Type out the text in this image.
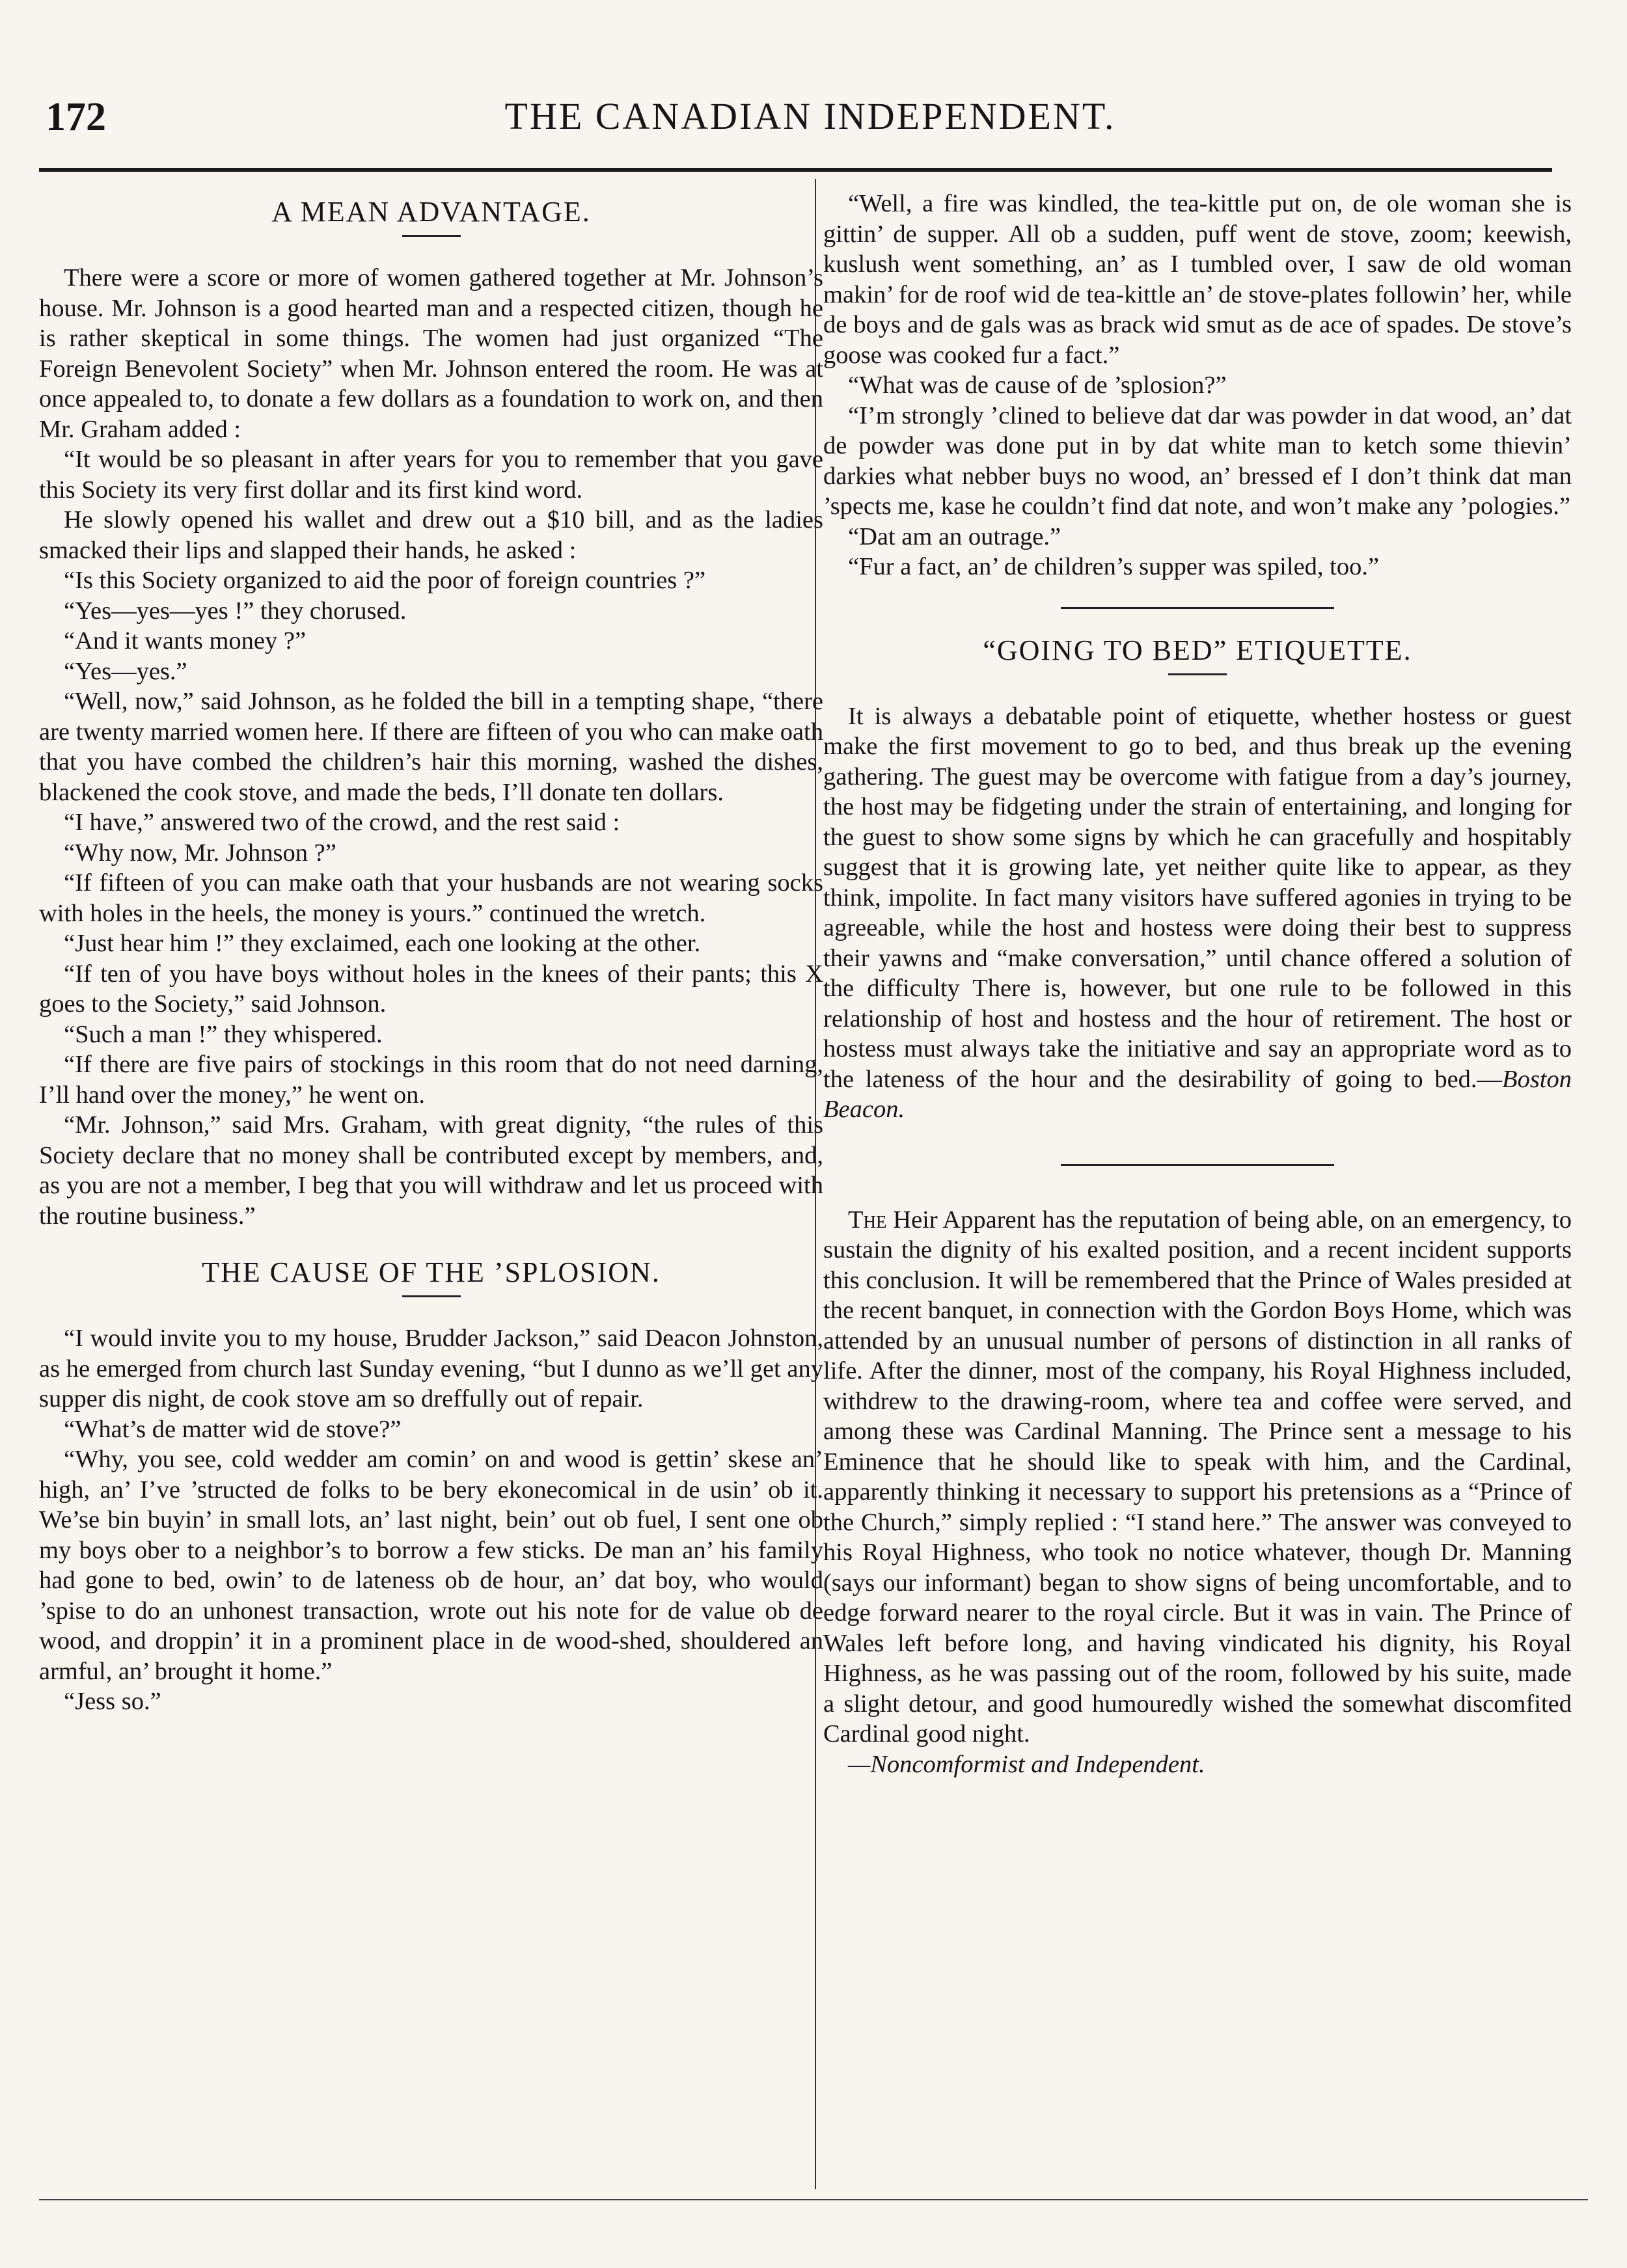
172	THE CANADIAN INDEPENDENT.
A MEAN ADVANTAGE.

There were a score or more of women gathered together at Mr. Johnson’s house. Mr. Johnson is a good hearted man and a respected citizen, though he is rather skeptical in some things. The women had just organized “The Foreign Benevolent Society” when Mr. Johnson entered the room. He was at once appealed to, to donate a few dollars as a foundation to work on, and then Mr. Graham added :

“It would be so pleasant in after years for you to remember that you gave this Society its very first dollar and its first kind word.

He slowly opened his wallet and drew out a $10 bill, and as the ladies smacked their lips and slapped their hands, he asked :

“Is this Society organized to aid the poor of foreign countries ?”

“Yes—yes—yes !” they chorused.

“And it wants money ?”

“Yes—yes.”

“Well, now,” said Johnson, as he folded the bill in a tempting shape, “there are twenty married women here. If there are fifteen of you who can make oath that you have combed the children’s hair this morning, washed the dishes, blackened the cook stove, and made the beds, I’ll donate ten dollars.

“I have,” answered two of the crowd, and the rest said :

“Why now, Mr. Johnson ?”

“If fifteen of you can make oath that your husbands are not wearing socks with holes in the heels, the money is yours.” continued the wretch.

“Just hear him !” they exclaimed, each one looking at the other.

“If ten of you have boys without holes in the knees of their pants; this X goes to the Society,” said Johnson.

“Such a man !” they whispered.

“If there are five pairs of stockings in this room that do not need darning, I’ll hand over the money,” he went on.

“Mr. Johnson,” said Mrs. Graham, with great dignity, “the rules of this Society declare that no money shall be contributed except by members, and, as you are not a member, I beg that you will withdraw and let us proceed with the routine business.”

THE CAUSE OF THE ’SPLOSION.

“I would invite you to my house, Brudder Jackson,” said Deacon Johnston, as he emerged from church last Sunday evening, “but I dunno as we’ll get any supper dis night, de cook stove am so dreffully out of repair.

“What’s de matter wid de stove?”

“Why, you see, cold wedder am comin’ on and wood is gettin’ skese an’ high, an’ I’ve ’structed de folks to be bery ekonecomical in de usin’ ob it. We’se bin buyin’ in small lots, an’ last night, bein’ out ob fuel, I sent one ob my boys ober to a neighbor’s to borrow a few sticks. De man an’ his family had gone to bed, owin’ to de lateness ob de hour, an’ dat boy, who would ’spise to do an unhonest transaction, wrote out his note for de value ob de wood, and droppin’ it in a prominent place in de wood-shed, shouldered an armful, an’ brought it home.”

“Jess so.”

“Well, a fire was kindled, the tea-kittle put on, de ole woman she is gittin’ de supper. All ob a sudden, puff went de stove, zoom; keewish, kuslush went something, an’ as I tumbled over, I saw de old woman makin’ for de roof wid de tea-kittle an’ de stove-plates followin’ her, while de boys and de gals was as brack wid smut as de ace of spades. De stove’s goose was cooked fur a fact.”

“What was de cause of de ’splosion?”

“I’m strongly ’clined to believe dat dar was powder in dat wood, an’ dat de powder was done put in by dat white man to ketch some thievin’ darkies what nebber buys no wood, an’ bressed ef I don’t think dat man ’spects me, kase he couldn’t find dat note, and won’t make any ’pologies.”

“Dat am an outrage.”

“Fur a fact, an’ de children’s supper was spiled, too.”

“GOING TO BED” ETIQUETTE.

It is always a debatable point of etiquette, whether hostess or guest make the first movement to go to bed, and thus break up the evening gathering. The guest may be overcome with fatigue from a day’s journey, the host may be fidgeting under the strain of entertaining, and longing for the guest to show some signs by which he can gracefully and hospitably suggest that it is growing late, yet neither quite like to appear, as they think, impolite. In fact many visitors have suffered agonies in trying to be agreeable, while the host and hostess were doing their best to suppress their yawns and “make conversation,” until chance offered a solution of the difficulty There is, however, but one rule to be followed in this relationship of host and hostess and the hour of retirement. The host or hostess must always take the initiative and say an appropriate word as to the lateness of the hour and the desirability of going to bed.—Boston Beacon.

The Heir Apparent has the reputation of being able, on an emergency, to sustain the dignity of his exalted position, and a recent incident supports this conclusion. It will be remembered that the Prince of Wales presided at the recent banquet, in connection with the Gordon Boys Home, which was attended by an unusual number of persons of distinction in all ranks of life. After the dinner, most of the company, his Royal Highness included, withdrew to the drawing-room, where tea and coffee were served, and among these was Cardinal Manning. The Prince sent a message to his Eminence that he should like to speak with him, and the Cardinal, apparently thinking it necessary to support his pretensions as a “Prince of the Church,” simply replied : “I stand here.” The answer was conveyed to his Royal Highness, who took no notice whatever, though Dr. Manning (says our informant) began to show signs of being uncomfortable, and to edge forward nearer to the royal circle. But it was in vain. The Prince of Wales left before long, and having vindicated his dignity, his Royal Highness, as he was passing out of the room, followed by his suite, made a slight detour, and good humouredly wished the somewhat discomfited Cardinal good night.

—Noncomformist and Independent.
